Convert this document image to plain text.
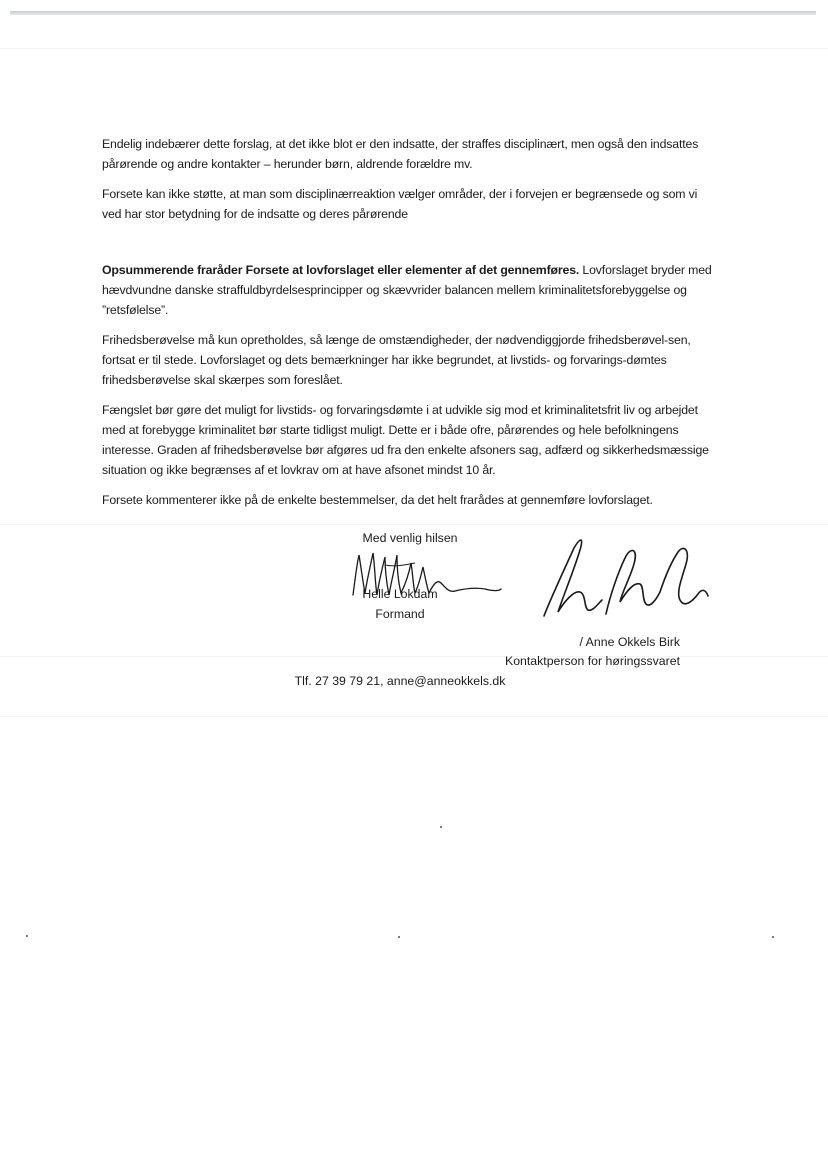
Endelig indebærer dette forslag, at det ikke blot er den indsatte, der straffes disciplinært, men også den indsattes pårørende og andre kontakter – herunder børn, aldrende forældre mv.

Forsete kan ikke støtte, at man som disciplinærreaktion vælger områder, der i forvejen er begrænsede og som vi ved har stor betydning for de indsatte og deres pårørende

Opsummerende fraråder Forsete at lovforslaget eller elementer af det gennemføres. Lovforslaget bryder med hævdvundne danske straffuldbyrdelsesprincipper og skævvrider balancen mellem kriminalitetsforebyggelse og ”retsfølelse”.

Frihedsberøvelse må kun opretholdes, så længe de omstændigheder, der nødvendiggjorde frihedsberøvel-sen, fortsat er til stede. Lovforslaget og dets bemærkninger har ikke begrundet, at livstids- og forvarings-dømtes frihedsberøvelse skal skærpes som foreslået.

Fængslet bør gøre det muligt for livstids- og forvaringsdømte i at udvikle sig mod et kriminalitetsfrit liv og arbejdet med at forebygge kriminalitet bør starte tidligst muligt. Dette er i både ofre, pårørendes og hele befolkningens interesse. Graden af frihedsberøvelse bør afgøres ud fra den enkelte afsoners sag, adfærd og sikkerhedsmæssige situation og ikke begrænses af et lovkrav om at have afsonet mindst 10 år.

Forsete kommenterer ikke på de enkelte bestemmelser, da det helt frarådes at gennemføre lovforslaget.

Med venlig hilsen
Helle Lokdam
Formand
/ Anne Okkels Birk
Kontaktperson for høringssvaret
Tlf. 27 39 79 21, anne@anneokkels.dk
